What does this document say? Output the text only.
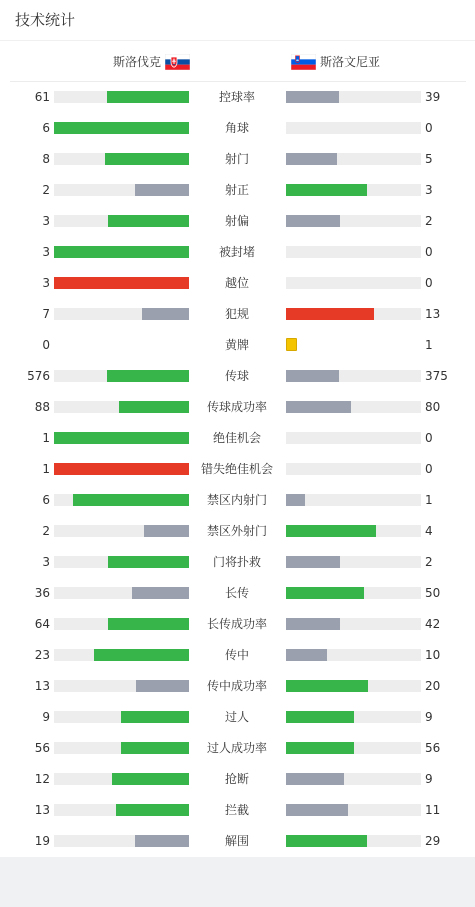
技术统计
斯洛伐克	斯洛文尼亚
61	控球率	39
6	角球	0
8	射门	5
2	射正	3
3	射偏	2
3	被封堵	0
3	越位	0
7	犯规	13
0	黄牌	1
576	传球	375
88	传球成功率	80
1	绝佳机会	0
1	错失绝佳机会	0
6	禁区内射门	1
2	禁区外射门	4
3	门将扑救	2
36	长传	50
64	长传成功率	42
23	传中	10
13	传中成功率	20
9	过人	9
56	过人成功率	56
12	抢断	9
13	拦截	11
19	解围	29
